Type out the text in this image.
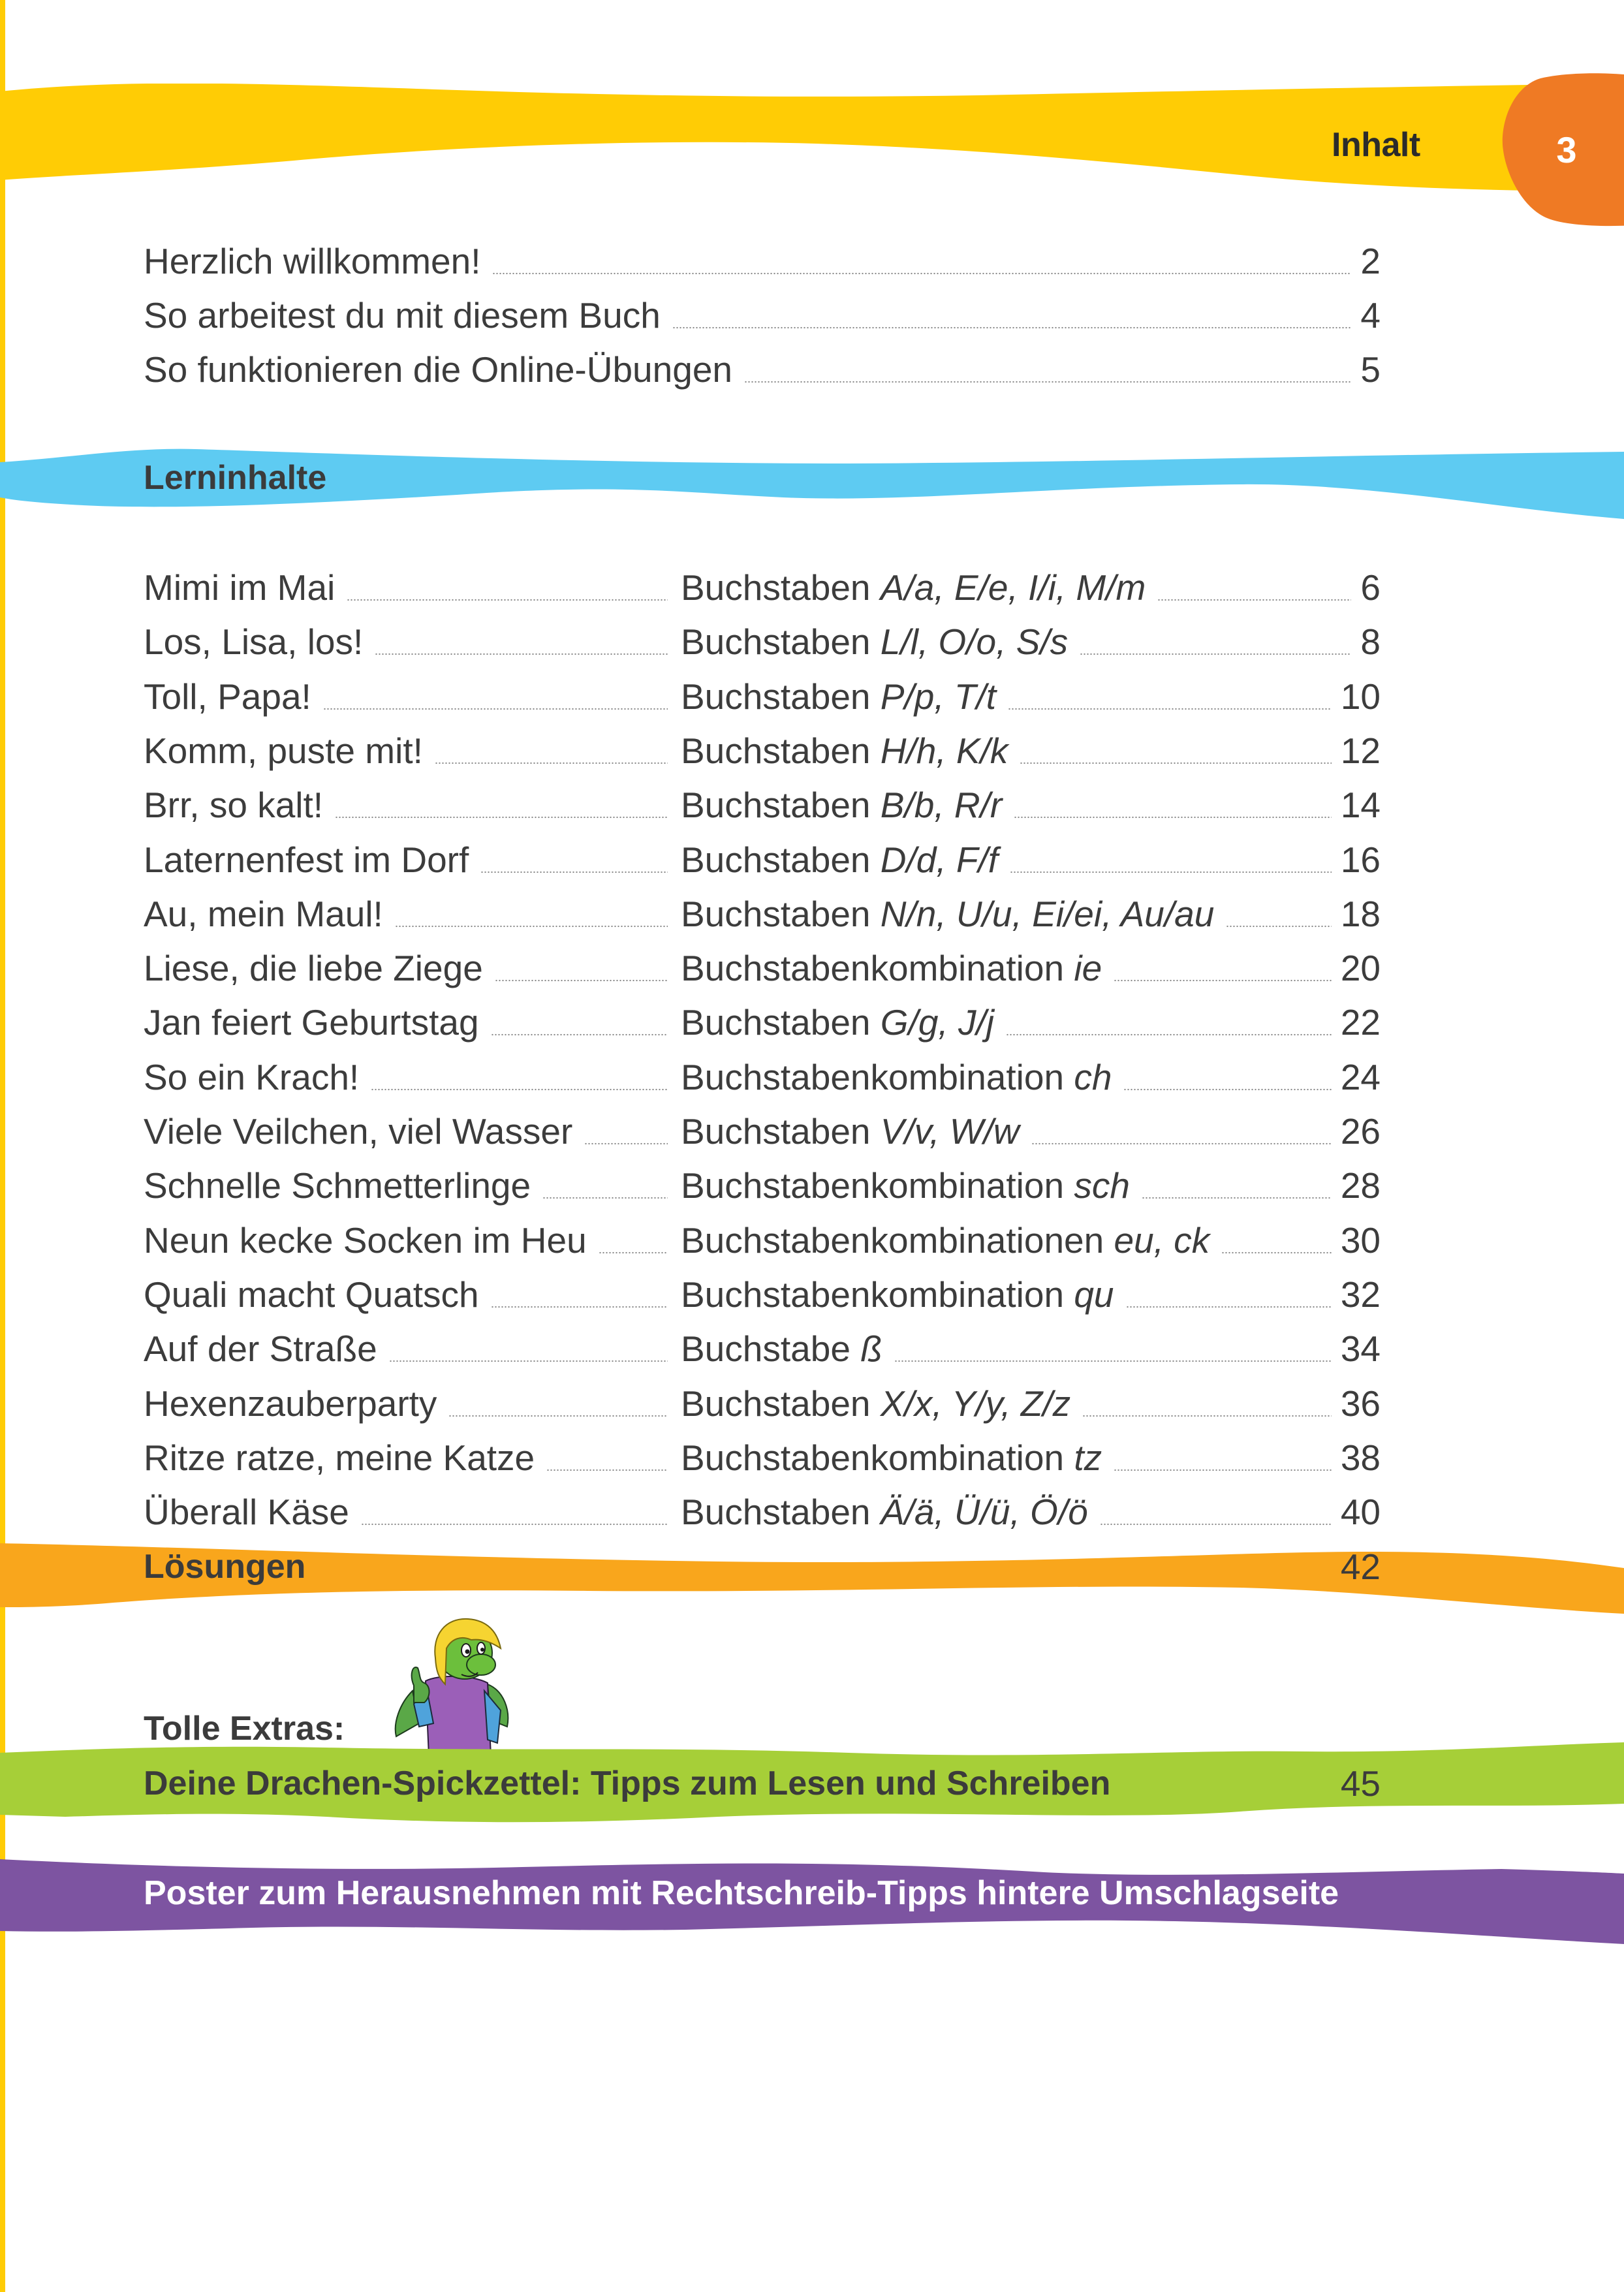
Inhalt	3
Herzlich willkommen!	2
So arbeitest du mit diesem Buch	4
So funktionieren die Online-Übungen	5
Lerninhalte
Mimi im Mai	Buchstaben A/a, E/e, I/i, M/m	6
Los, Lisa, los!	Buchstaben L/l, O/o, S/s	8
Toll, Papa!	Buchstaben P/p, T/t	10
Komm, puste mit!	Buchstaben H/h, K/k	12
Brr, so kalt!	Buchstaben B/b, R/r	14
Laternenfest im Dorf	Buchstaben D/d, F/f	16
Au, mein Maul!	Buchstaben N/n, U/u, Ei/ei, Au/au	18
Liese, die liebe Ziege	Buchstabenkombination ie	20
Jan feiert Geburtstag	Buchstaben G/g, J/j	22
So ein Krach!	Buchstabenkombination ch	24
Viele Veilchen, viel Wasser	Buchstaben V/v, W/w	26
Schnelle Schmetterlinge	Buchstabenkombination sch	28
Neun kecke Socken im Heu	Buchstabenkombinationen eu, ck	30
Quali macht Quatsch	Buchstabenkombination qu	32
Auf der Straße	Buchstabe ß	34
Hexenzauberparty	Buchstaben X/x, Y/y, Z/z	36
Ritze ratze, meine Katze	Buchstabenkombination tz	38
Überall Käse	Buchstaben Ä/ä, Ü/ü, Ö/ö	40
Lösungen	42
Tolle Extras:
Deine Drachen-Spickzettel: Tipps zum Lesen und Schreiben	45
Poster zum Herausnehmen mit Rechtschreib-Tipps hintere Umschlagseite
